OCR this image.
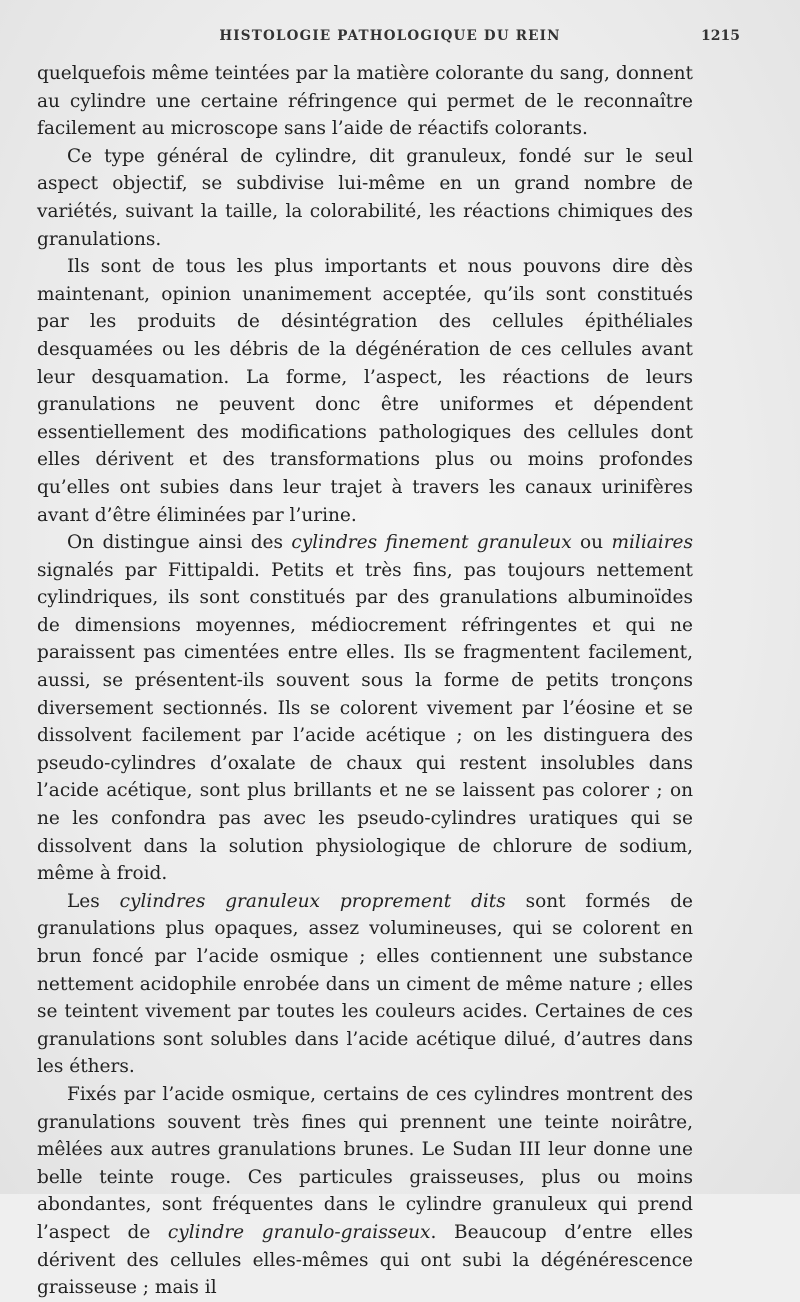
HISTOLOGIE PATHOLOGIQUE DU REIN	1215

quelquefois même teintées par la matière colorante du sang, donnent au cylindre une certaine réfringence qui permet de le reconnaître facilement au microscope sans l’aide de réactifs colorants.

Ce type général de cylindre, dit granuleux, fondé sur le seul aspect objectif, se subdivise lui-même en un grand nombre de variétés, suivant la taille, la colorabilité, les réactions chimiques des granulations.

Ils sont de tous les plus importants et nous pouvons dire dès maintenant, opinion unanimement acceptée, qu’ils sont constitués par les produits de désintégration des cellules épithéliales desquamées ou les débris de la dégénération de ces cellules avant leur desquamation. La forme, l’aspect, les réactions de leurs granulations ne peuvent donc être uniformes et dépendent essentiellement des modifications pathologiques des cellules dont elles dérivent et des transformations plus ou moins profondes qu’elles ont subies dans leur trajet à travers les canaux urinifères avant d’être éliminées par l’urine.

On distingue ainsi des cylindres finement granuleux ou miliaires signalés par Fittipaldi. Petits et très fins, pas toujours nettement cylindriques, ils sont constitués par des granulations albuminoïdes de dimensions moyennes, médiocrement réfringentes et qui ne paraissent pas cimentées entre elles. Ils se fragmentent facilement, aussi, se présentent-ils souvent sous la forme de petits tronçons diversement sectionnés. Ils se colorent vivement par l’éosine et se dissolvent facilement par l’acide acétique ; on les distinguera des pseudo-cylindres d’oxalate de chaux qui restent insolubles dans l’acide acétique, sont plus brillants et ne se laissent pas colorer ; on ne les confondra pas avec les pseudo-cylindres uratiques qui se dissolvent dans la solution physiologique de chlorure de sodium, même à froid.

Les cylindres granuleux proprement dits sont formés de granulations plus opaques, assez volumineuses, qui se colorent en brun foncé par l’acide osmique ; elles contiennent une substance nettement acidophile enrobée dans un ciment de même nature ; elles se teintent vivement par toutes les couleurs acides. Certaines de ces granulations sont solubles dans l’acide acétique dilué, d’autres dans les éthers.

Fixés par l’acide osmique, certains de ces cylindres montrent des granulations souvent très fines qui prennent une teinte noirâtre, mêlées aux autres granulations brunes. Le Sudan III leur donne une belle teinte rouge. Ces particules graisseuses, plus ou moins abondantes, sont fréquentes dans le cylindre granuleux qui prend l’aspect de cylindre granulo-graisseux. Beaucoup d’entre elles dérivent des cellules elles-mêmes qui ont subi la dégénérescence graisseuse ; mais il
